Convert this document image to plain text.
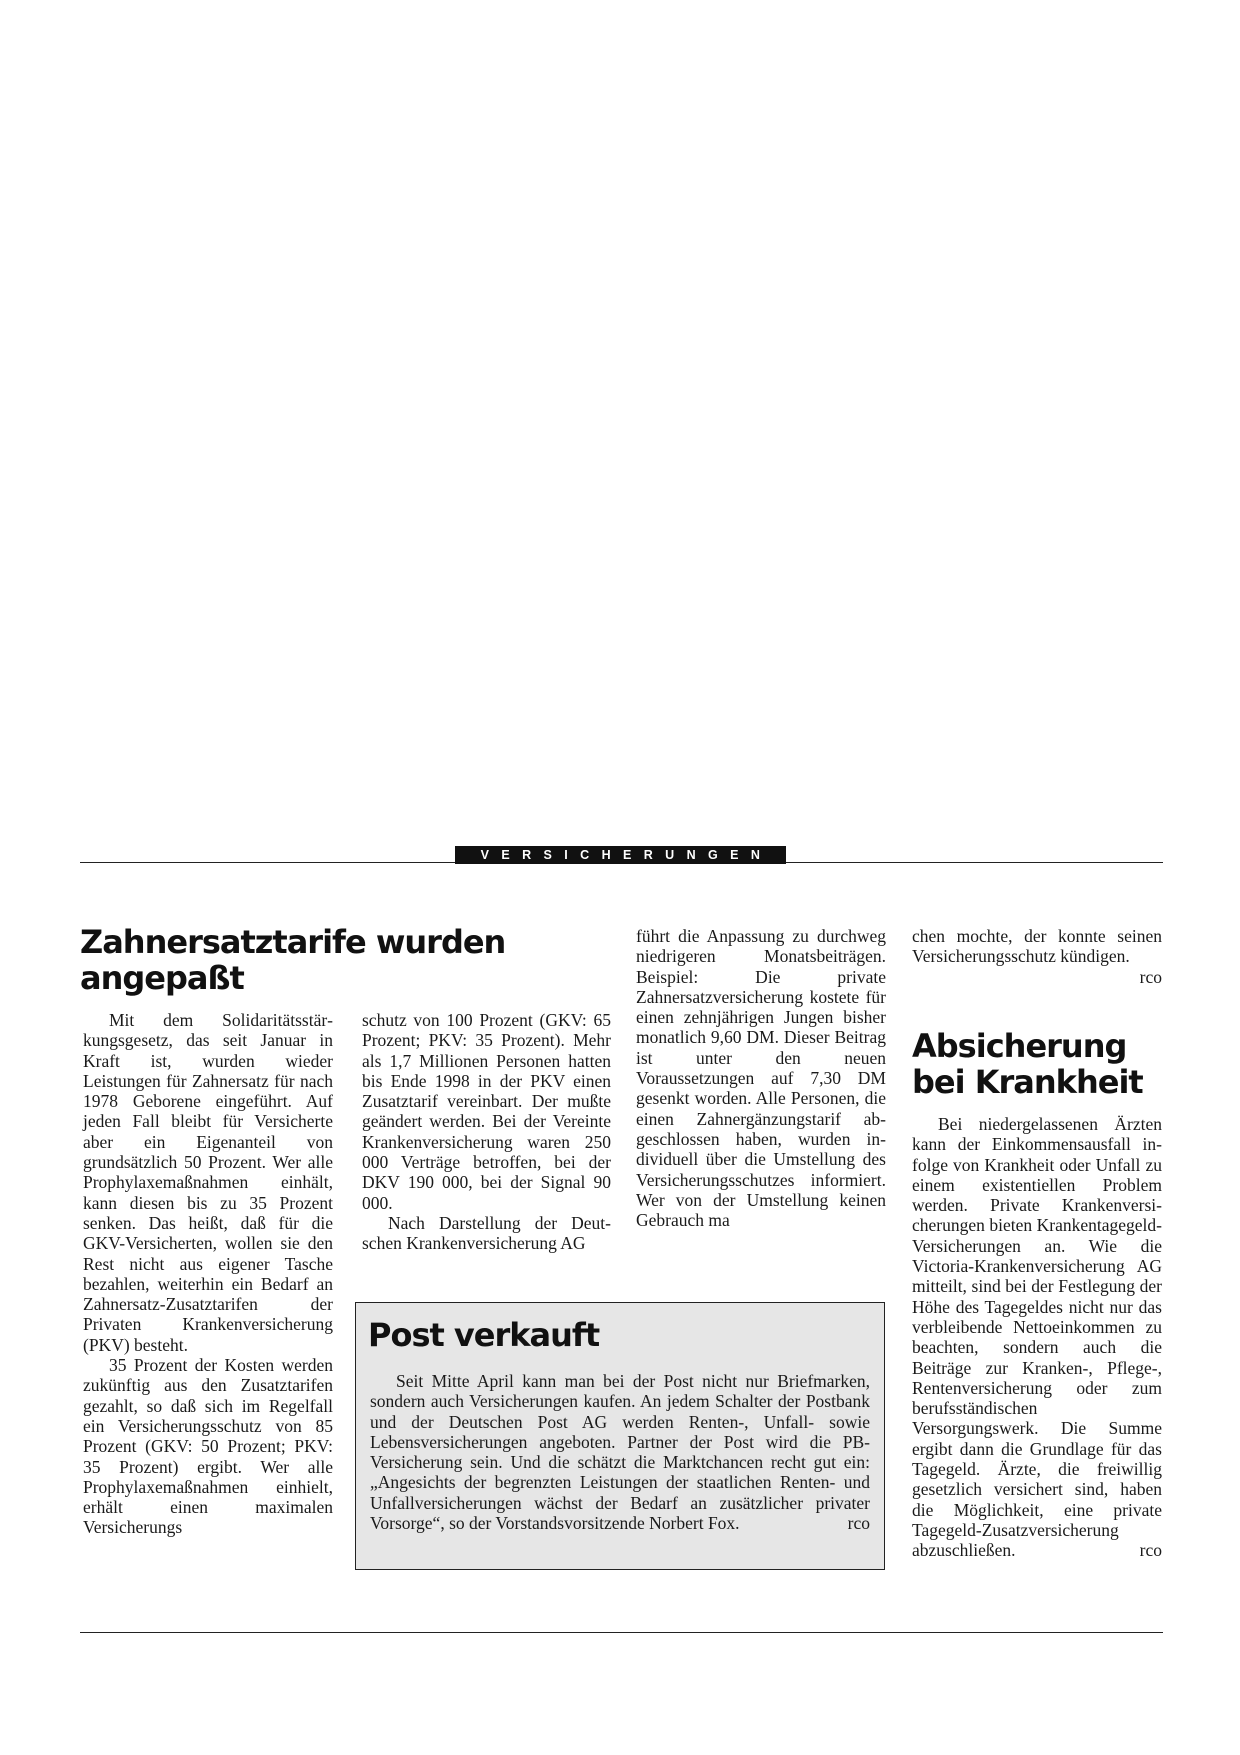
VERSICHERUNGEN
Zahnersatztarife wurden angepaßt

Mit dem Solidaritätsstärkungsgesetz, das seit Januar in Kraft ist, wurden wieder Leistungen für Zahnersatz für nach 1978 Geborene eingeführt. Auf jeden Fall bleibt für Versicherte aber ein Eigenanteil von grundsätzlich 50 Prozent. Wer alle Prophylaxemaßnahmen einhält, kann diesen bis zu 35 Prozent senken. Das heißt, daß für die GKV-Versicherten, wollen sie den Rest nicht aus eigener Tasche bezahlen, weiterhin ein Bedarf an Zahnersatz-Zusatztarifen der Privaten Krankenversicherung (PKV) besteht.

35 Prozent der Kosten werden zukünftig aus den Zusatztarifen gezahlt, so daß sich im Regelfall ein Versicherungsschutz von 85 Prozent (GKV: 50 Prozent; PKV: 35 Prozent) ergibt. Wer alle Prophylaxemaßnahmen einhielt, erhält einen maximalen Versicherungs

schutz von 100 Prozent (GKV: 65 Prozent; PKV: 35 Prozent). Mehr als 1,7 Millionen Personen hatten bis Ende 1998 in der PKV einen Zusatztarif vereinbart. Der mußte geändert werden. Bei der Vereinte Krankenversicherung waren 250 000 Verträge betroffen, bei der DKV 190 000, bei der Signal 90 000.

Nach Darstellung der Deutschen Krankenversicherung AG

führt die Anpassung zu durchweg niedrigeren Monatsbeiträgen. Beispiel: Die private Zahnersatzversicherung kostete für einen zehnjährigen Jungen bisher monatlich 9,60 DM. Dieser Beitrag ist unter den neuen Voraussetzungen auf 7,30 DM gesenkt worden. Alle Personen, die einen Zahnergänzungstarif abgeschlossen haben, wurden individuell über die Umstellung des Versicherungsschutzes informiert. Wer von der Umstellung keinen Gebrauch ma

chen mochte, der konnte seinen Versicherungsschutz kündigen.
rco

Absicherung bei Krankheit

Bei niedergelassenen Ärzten kann der Einkommensausfall infolge von Krankheit oder Unfall zu einem existentiellen Problem werden. Private Krankenversicherungen bieten Krankentagegeld-Versicherungen an. Wie die Victoria-Krankenversicherung AG mitteilt, sind bei der Festlegung der Höhe des Tagegeldes nicht nur das verbleibende Nettoeinkommen zu beachten, sondern auch die Beiträge zur Kranken-, Pflege-, Rentenversicherung oder zum berufsständischen Versorgungswerk. Die Summe ergibt dann die Grundlage für das Tagegeld. Ärzte, die freiwillig gesetzlich versichert sind, haben die Möglichkeit, eine private Tagegeld-Zusatzversicherung abzuschließen.	rco

Post verkauft

Seit Mitte April kann man bei der Post nicht nur Briefmarken, sondern auch Versicherungen kaufen. An jedem Schalter der Postbank und der Deutschen Post AG werden Renten-, Unfall- sowie Lebensversicherungen angeboten. Partner der Post wird die PB-Versicherung sein. Und die schätzt die Marktchancen recht gut ein: „Angesichts der begrenzten Leistungen der staatlichen Renten- und Unfallversicherungen wächst der Bedarf an zusätzlicher privater Vorsorge“, so der Vorstandsvorsitzende Norbert Fox.	rco
